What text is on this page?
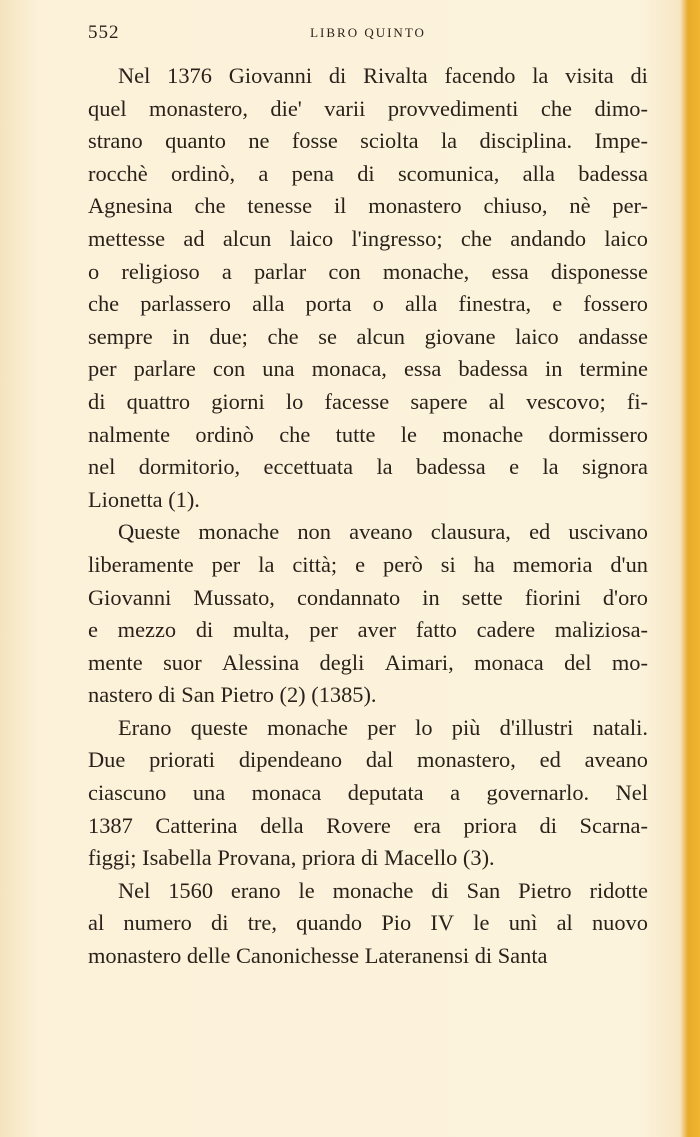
552	LIBRO QUINTO
Nel 1376 Giovanni di Rivalta facendo la visita di
quel monastero, die' varii provvedimenti che dimo-
strano quanto ne fosse sciolta la disciplina. Impe-
rocchè ordinò, a pena di scomunica, alla badessa
Agnesina che tenesse il monastero chiuso, nè per-
mettesse ad alcun laico l'ingresso; che andando laico
o religioso a parlar con monache, essa disponesse
che parlassero alla porta o alla finestra, e fossero
sempre in due; che se alcun giovane laico andasse
per parlare con una monaca, essa badessa in termine
di quattro giorni lo facesse sapere al vescovo; fi-
nalmente ordinò che tutte le monache dormissero
nel dormitorio, eccettuata la badessa e la signora
Lionetta (1).
Queste monache non aveano clausura, ed uscivano
liberamente per la città; e però si ha memoria d'un
Giovanni Mussato, condannato in sette fiorini d'oro
e mezzo di multa, per aver fatto cadere maliziosa-
mente suor Alessina degli Aimari, monaca del mo-
nastero di San Pietro (2) (1385).
Erano queste monache per lo più d'illustri natali.
Due priorati dipendeano dal monastero, ed aveano
ciascuno una monaca deputata a governarlo. Nel
1387 Catterina della Rovere era priora di Scarna-
figgi; Isabella Provana, priora di Macello (3).
Nel 1560 erano le monache di San Pietro ridotte
al numero di tre, quando Pio IV le unì al nuovo
monastero delle Canonichesse Lateranensi di Santa
